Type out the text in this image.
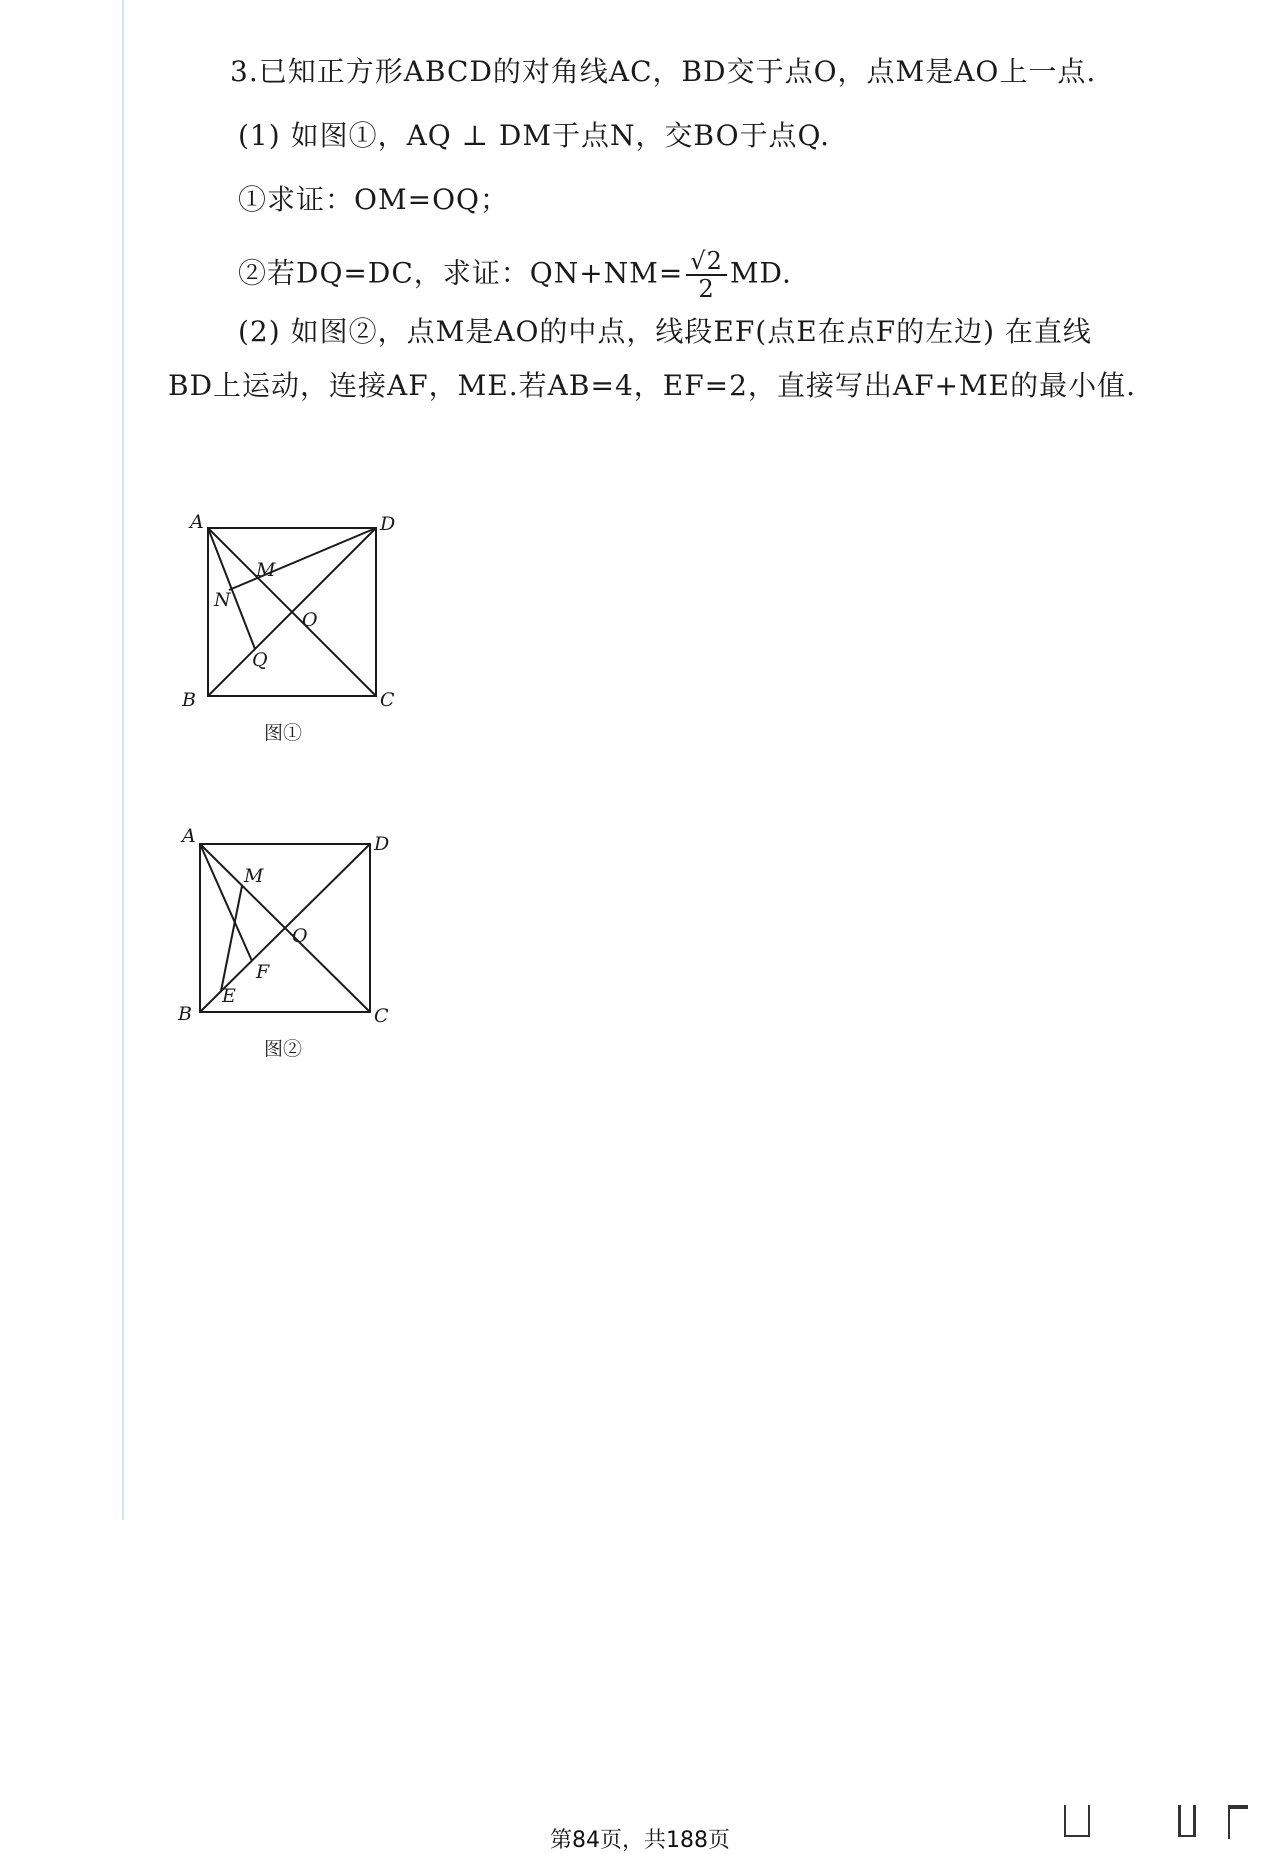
3.已知正方形ABCD的对角线AC，BD交于点O，点M是AO上一点.
(1) 如图①，AQ ⊥ DM于点N，交BO于点Q.
①求证：OM=OQ；
②若DQ=DC，求证：$QN+NM= \frac{√2}{2}$ MD.
(2) 如图②，点M是AO的中点，线段EF(点E在点F的左边) 在直线
BD上运动，连接AF，ME.若AB=4，EF=2，直接写出AF+ME的最小值.
A	D
B	C
M
N
O
Q
图①
A	D
B	C
M
O
F
E
图②
第84页，共188页
